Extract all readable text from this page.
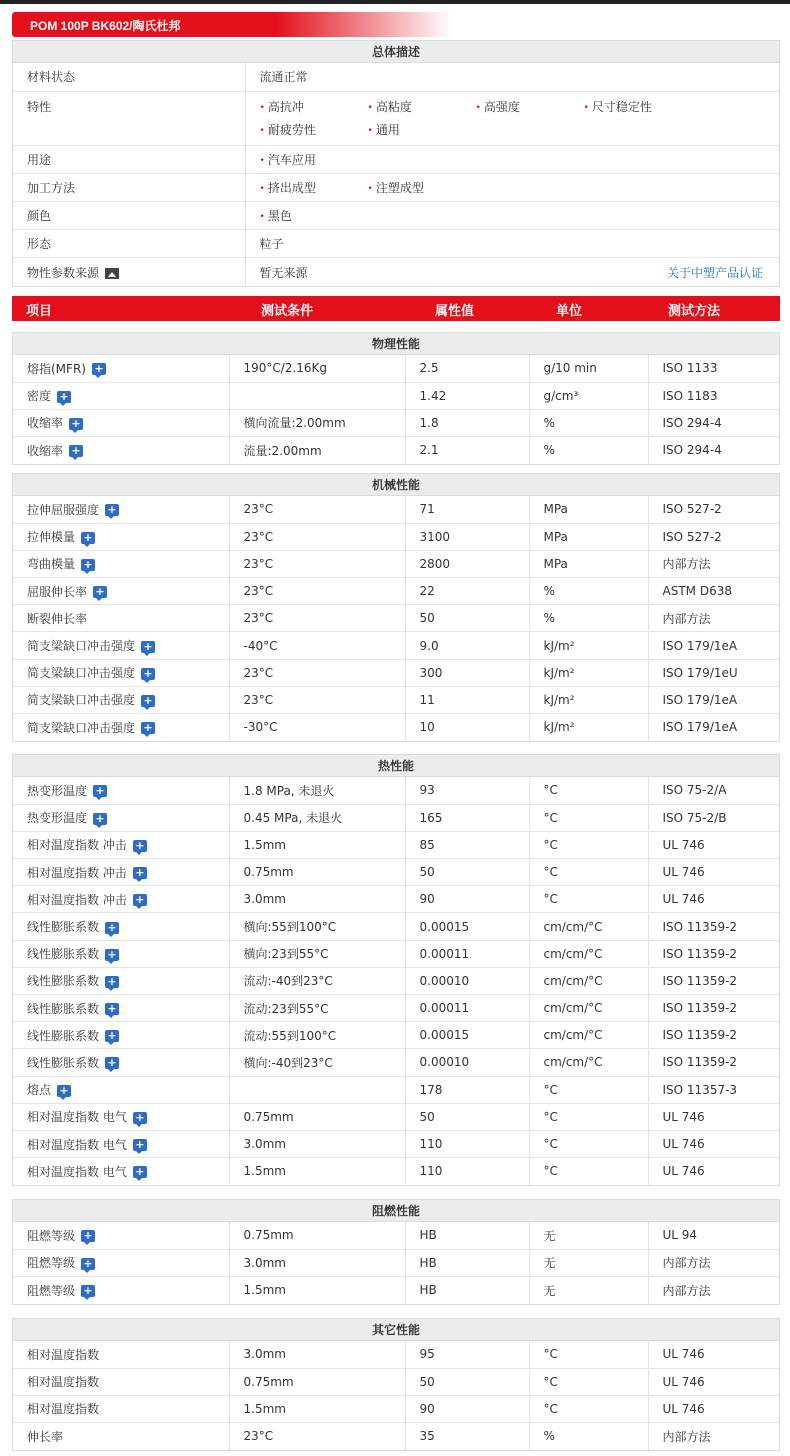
POM 100P BK602/陶氏杜邦
总体描述
材料状态	流通正常
特性	• 高抗冲 • 高粘度 • 高强度 • 尺寸稳定性

• 耐疲劳性 • 通用
用途	• 汽车应用
加工方法	• 挤出成型 • 注塑成型
颜色	• 黑色
形态	粒子
物性参数来源	暂无来源 关于中塑产品认证
项目	测试条件	属性值	单位	测试方法
物理性能
熔指(MFR) +	190°C/2.16Kg	2.5	g/10 min	ISO 1133
密度 +		1.42	g/cm³	ISO 1183
收缩率 +	横向流量:2.00mm	1.8	%	ISO 294-4
收缩率 +	流量:2.00mm	2.1	%	ISO 294-4
机械性能
拉伸屈服强度 +	23°C	71	MPa	ISO 527-2
拉伸模量 +	23°C	3100	MPa	ISO 527-2
弯曲模量 +	23°C	2800	MPa	内部方法
屈服伸长率 +	23°C	22	%	ASTM D638
断裂伸长率	23°C	50	%	内部方法
简支梁缺口冲击强度 +	-40°C	9.0	kJ/m²	ISO 179/1eA
简支梁缺口冲击强度 +	23°C	300	kJ/m²	ISO 179/1eU
简支梁缺口冲击强度 +	23°C	11	kJ/m²	ISO 179/1eA
简支梁缺口冲击强度 +	-30°C	10	kJ/m²	ISO 179/1eA
热性能
热变形温度 +	1.8 MPa, 未退火	93	°C	ISO 75-2/A
热变形温度 +	0.45 MPa, 未退火	165	°C	ISO 75-2/B
相对温度指数 冲击 +	1.5mm	85	°C	UL 746
相对温度指数 冲击 +	0.75mm	50	°C	UL 746
相对温度指数 冲击 +	3.0mm	90	°C	UL 746
线性膨胀系数 +	横向:55到100°C	0.00015	cm/cm/°C	ISO 11359-2
线性膨胀系数 +	横向:23到55°C	0.00011	cm/cm/°C	ISO 11359-2
线性膨胀系数 +	流动:-40到23°C	0.00010	cm/cm/°C	ISO 11359-2
线性膨胀系数 +	流动:23到55°C	0.00011	cm/cm/°C	ISO 11359-2
线性膨胀系数 +	流动:55到100°C	0.00015	cm/cm/°C	ISO 11359-2
线性膨胀系数 +	横向:-40到23°C	0.00010	cm/cm/°C	ISO 11359-2
熔点 +		178	°C	ISO 11357-3
相对温度指数 电气 +	0.75mm	50	°C	UL 746
相对温度指数 电气 +	3.0mm	110	°C	UL 746
相对温度指数 电气 +	1.5mm	110	°C	UL 746
阻燃性能
阻燃等级 +	0.75mm	HB	无	UL 94
阻燃等级 +	3.0mm	HB	无	内部方法
阻燃等级 +	1.5mm	HB	无	内部方法
其它性能
相对温度指数	3.0mm	95	°C	UL 746
相对温度指数	0.75mm	50	°C	UL 746
相对温度指数	1.5mm	90	°C	UL 746
伸长率	23°C	35	%	内部方法
